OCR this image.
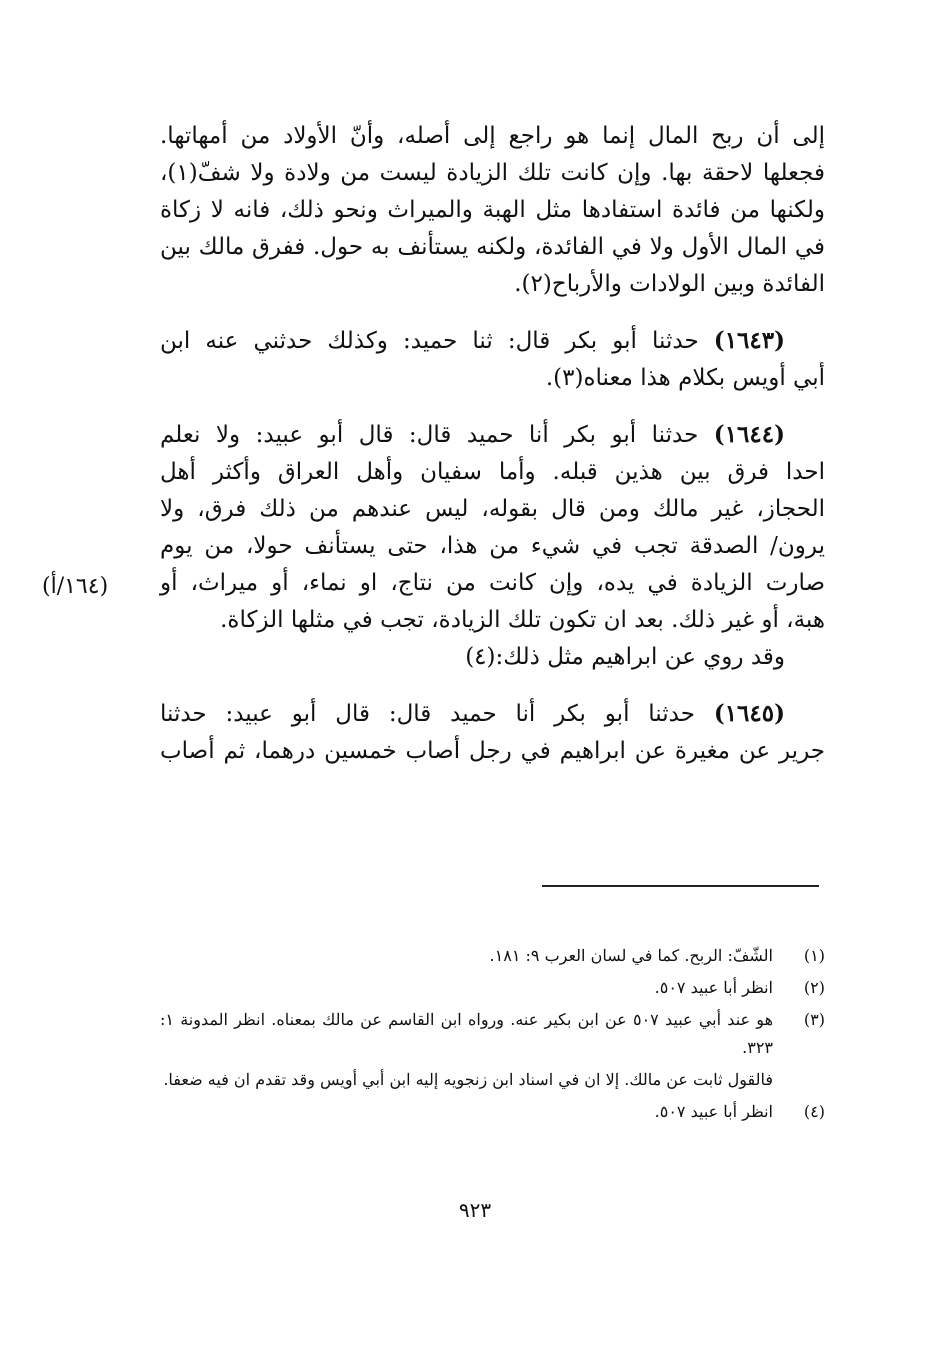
إلى أن ربح المال إنما هو راجع إلى أصله، وأنّ الأولاد من أمهاتها.
فجعلها لاحقة بها. وإن كانت تلك الزيادة ليست من ولادة ولا شفّ(١)،
ولكنها من فائدة استفادها مثل الهبة والميراث ونحو ذلك، فانه لا زكاة
في المال الأول ولا في الفائدة، ولكنه يستأنف به حول. ففرق مالك بين
الفائدة وبين الولادات والأرباح(٢).
(١٦٤٣) حدثنا أبو بكر قال: ثنا حميد: وكذلك حدثني عنه ابن
أبي أويس بكلام هذا معناه(٣).
(١٦٤٤) حدثنا أبو بكر أنا حميد قال: قال أبو عبيد: ولا نعلم
احدا فرق بين هذين قبله. وأما سفيان وأهل العراق وأكثر أهل
الحجاز، غير مالك ومن قال بقوله، ليس عندهم من ذلك فرق، ولا
يرون/ الصدقة تجب في شيء من هذا، حتى يستأنف حولا، من يوم
صارت الزيادة في يده، وإن كانت من نتاج، او نماء، أو ميراث، أو
هبة، أو غير ذلك. بعد ان تكون تلك الزيادة، تجب في مثلها الزكاة.
وقد روي عن ابراهيم مثل ذلك:(٤)
(١٦٤٥) حدثنا أبو بكر أنا حميد قال: قال أبو عبيد: حدثنا
جرير عن مغيرة عن ابراهيم في رجل أصاب خمسين درهما، ثم أصاب
(١٦٤/أ)
(١)
الشّفّ: الربح. كما في لسان العرب ٩: ١٨١.
(٢)
انظر أبا عبيد ٥٠٧.
(٣)
هو عند أبي عبيد ٥٠٧ عن ابن بكير عنه. ورواه ابن القاسم عن مالك بمعناه. انظر المدونة ١: ٣٢٣.
فالقول ثابت عن مالك. إلا ان في اسناد ابن زنجويه إليه ابن أبي أويس وقد تقدم ان فيه ضعفا.
(٤)
انظر أبا عبيد ٥٠٧.
٩٢٣
